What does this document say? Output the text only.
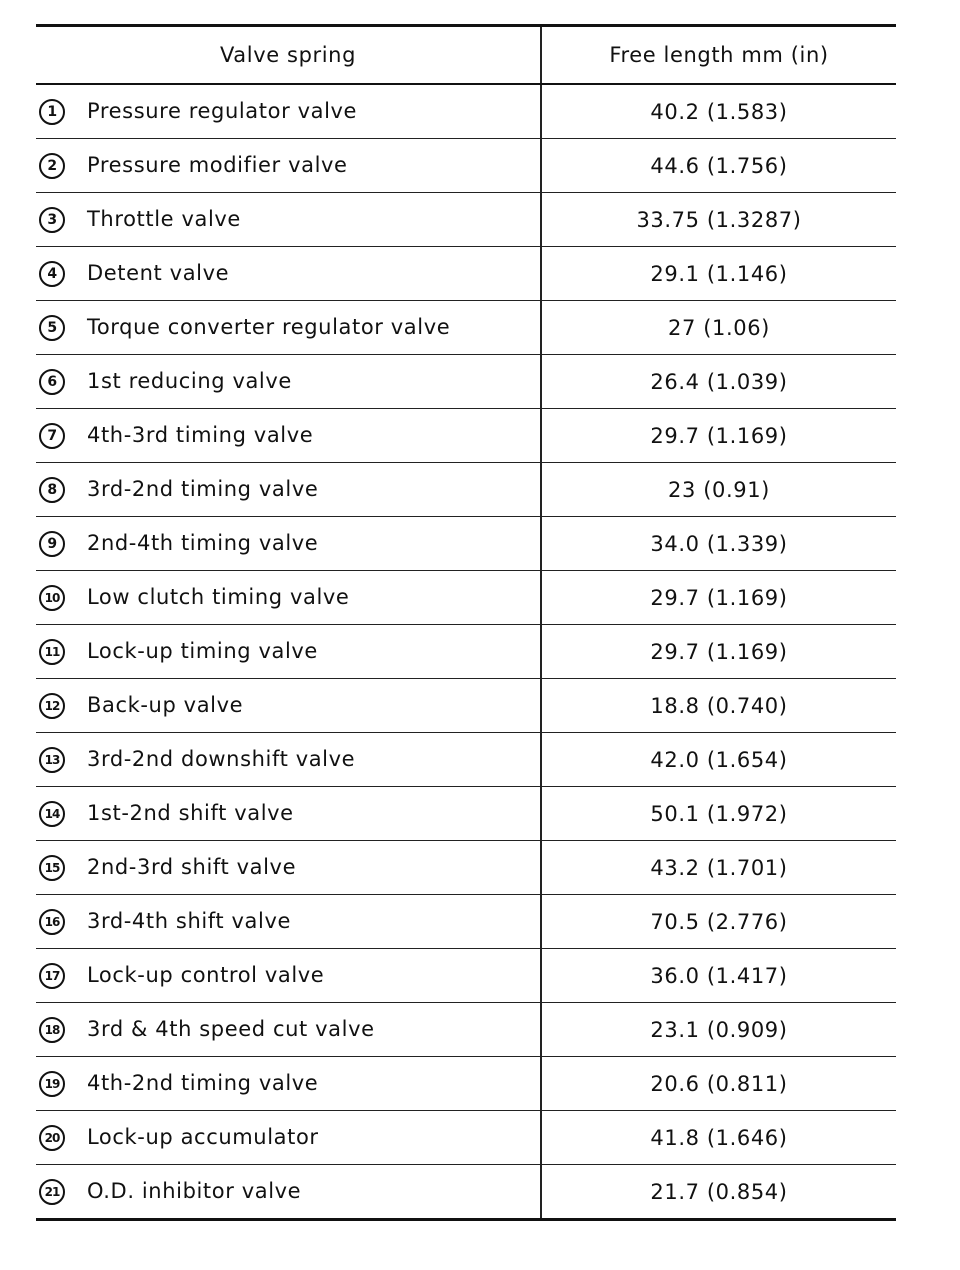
Valve spring	Free length mm (in)
1 Pressure regulator valve	40.2 (1.583)
2 Pressure modifier valve	44.6 (1.756)
3 Throttle valve	33.75 (1.3287)
4 Detent valve	29.1 (1.146)
5 Torque converter regulator valve	27 (1.06)
6 1st reducing valve	26.4 (1.039)
7 4th-3rd timing valve	29.7 (1.169)
8 3rd-2nd timing valve	23 (0.91)
9 2nd-4th timing valve	34.0 (1.339)
10 Low clutch timing valve	29.7 (1.169)
11 Lock-up timing valve	29.7 (1.169)
12 Back-up valve	18.8 (0.740)
13 3rd-2nd downshift valve	42.0 (1.654)
14 1st-2nd shift valve	50.1 (1.972)
15 2nd-3rd shift valve	43.2 (1.701)
16 3rd-4th shift valve	70.5 (2.776)
17 Lock-up control valve	36.0 (1.417)
18 3rd & 4th speed cut valve	23.1 (0.909)
19 4th-2nd timing valve	20.6 (0.811)
20 Lock-up accumulator	41.8 (1.646)
21 O.D. inhibitor valve	21.7 (0.854)
